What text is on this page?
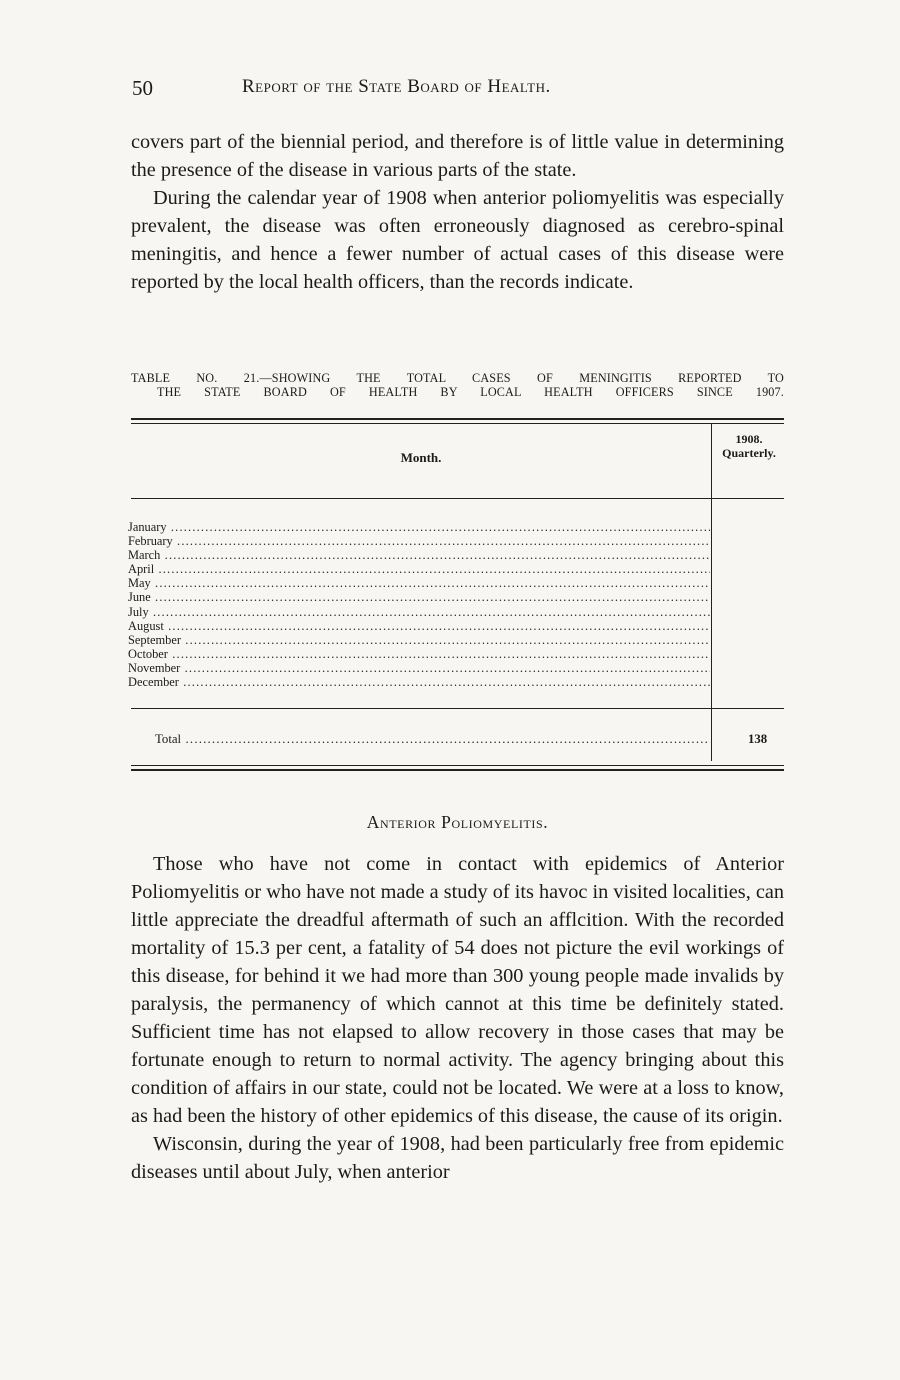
50	Report of the State Board of Health.

covers part of the biennial period, and therefore is of little value in determining the presence of the disease in various parts of the state.

During the calendar year of 1908 when anterior poliomyelitis was especially prevalent, the disease was often erroneously diagnosed as cerebro-spinal meningitis, and hence a fewer number of actual cases of this disease were reported by the local health officers, than the records indicate.

TABLE NO. 21.—SHOWING THE TOTAL CASES OF MENINGITIS REPORTED TO
THE STATE BOARD OF HEALTH BY LOCAL HEALTH OFFICERS SINCE 1907.
Month.
1908. Quarterly.
January .....
February .....
March .....
April .....
May .....
June .....
July .....
August .....
September .....
October .....
November .....
December .....
Total .....	138
Anterior Poliomyelitis.

Those who have not come in contact with epidemics of Anterior Poliomyelitis or who have not made a study of its havoc in visited localities, can little appreciate the dreadful aftermath of such an afflcition. With the recorded mortality of 15.3 per cent, a fatality of 54 does not picture the evil workings of this disease, for behind it we had more than 300 young people made invalids by paralysis, the permanency of which cannot at this time be definitely stated. Sufficient time has not elapsed to allow recovery in those cases that may be fortunate enough to return to normal activity. The agency bringing about this condition of affairs in our state, could not be located. We were at a loss to know, as had been the history of other epidemics of this disease, the cause of its origin.

Wisconsin, during the year of 1908, had been particularly free from epidemic diseases until about July, when anterior
